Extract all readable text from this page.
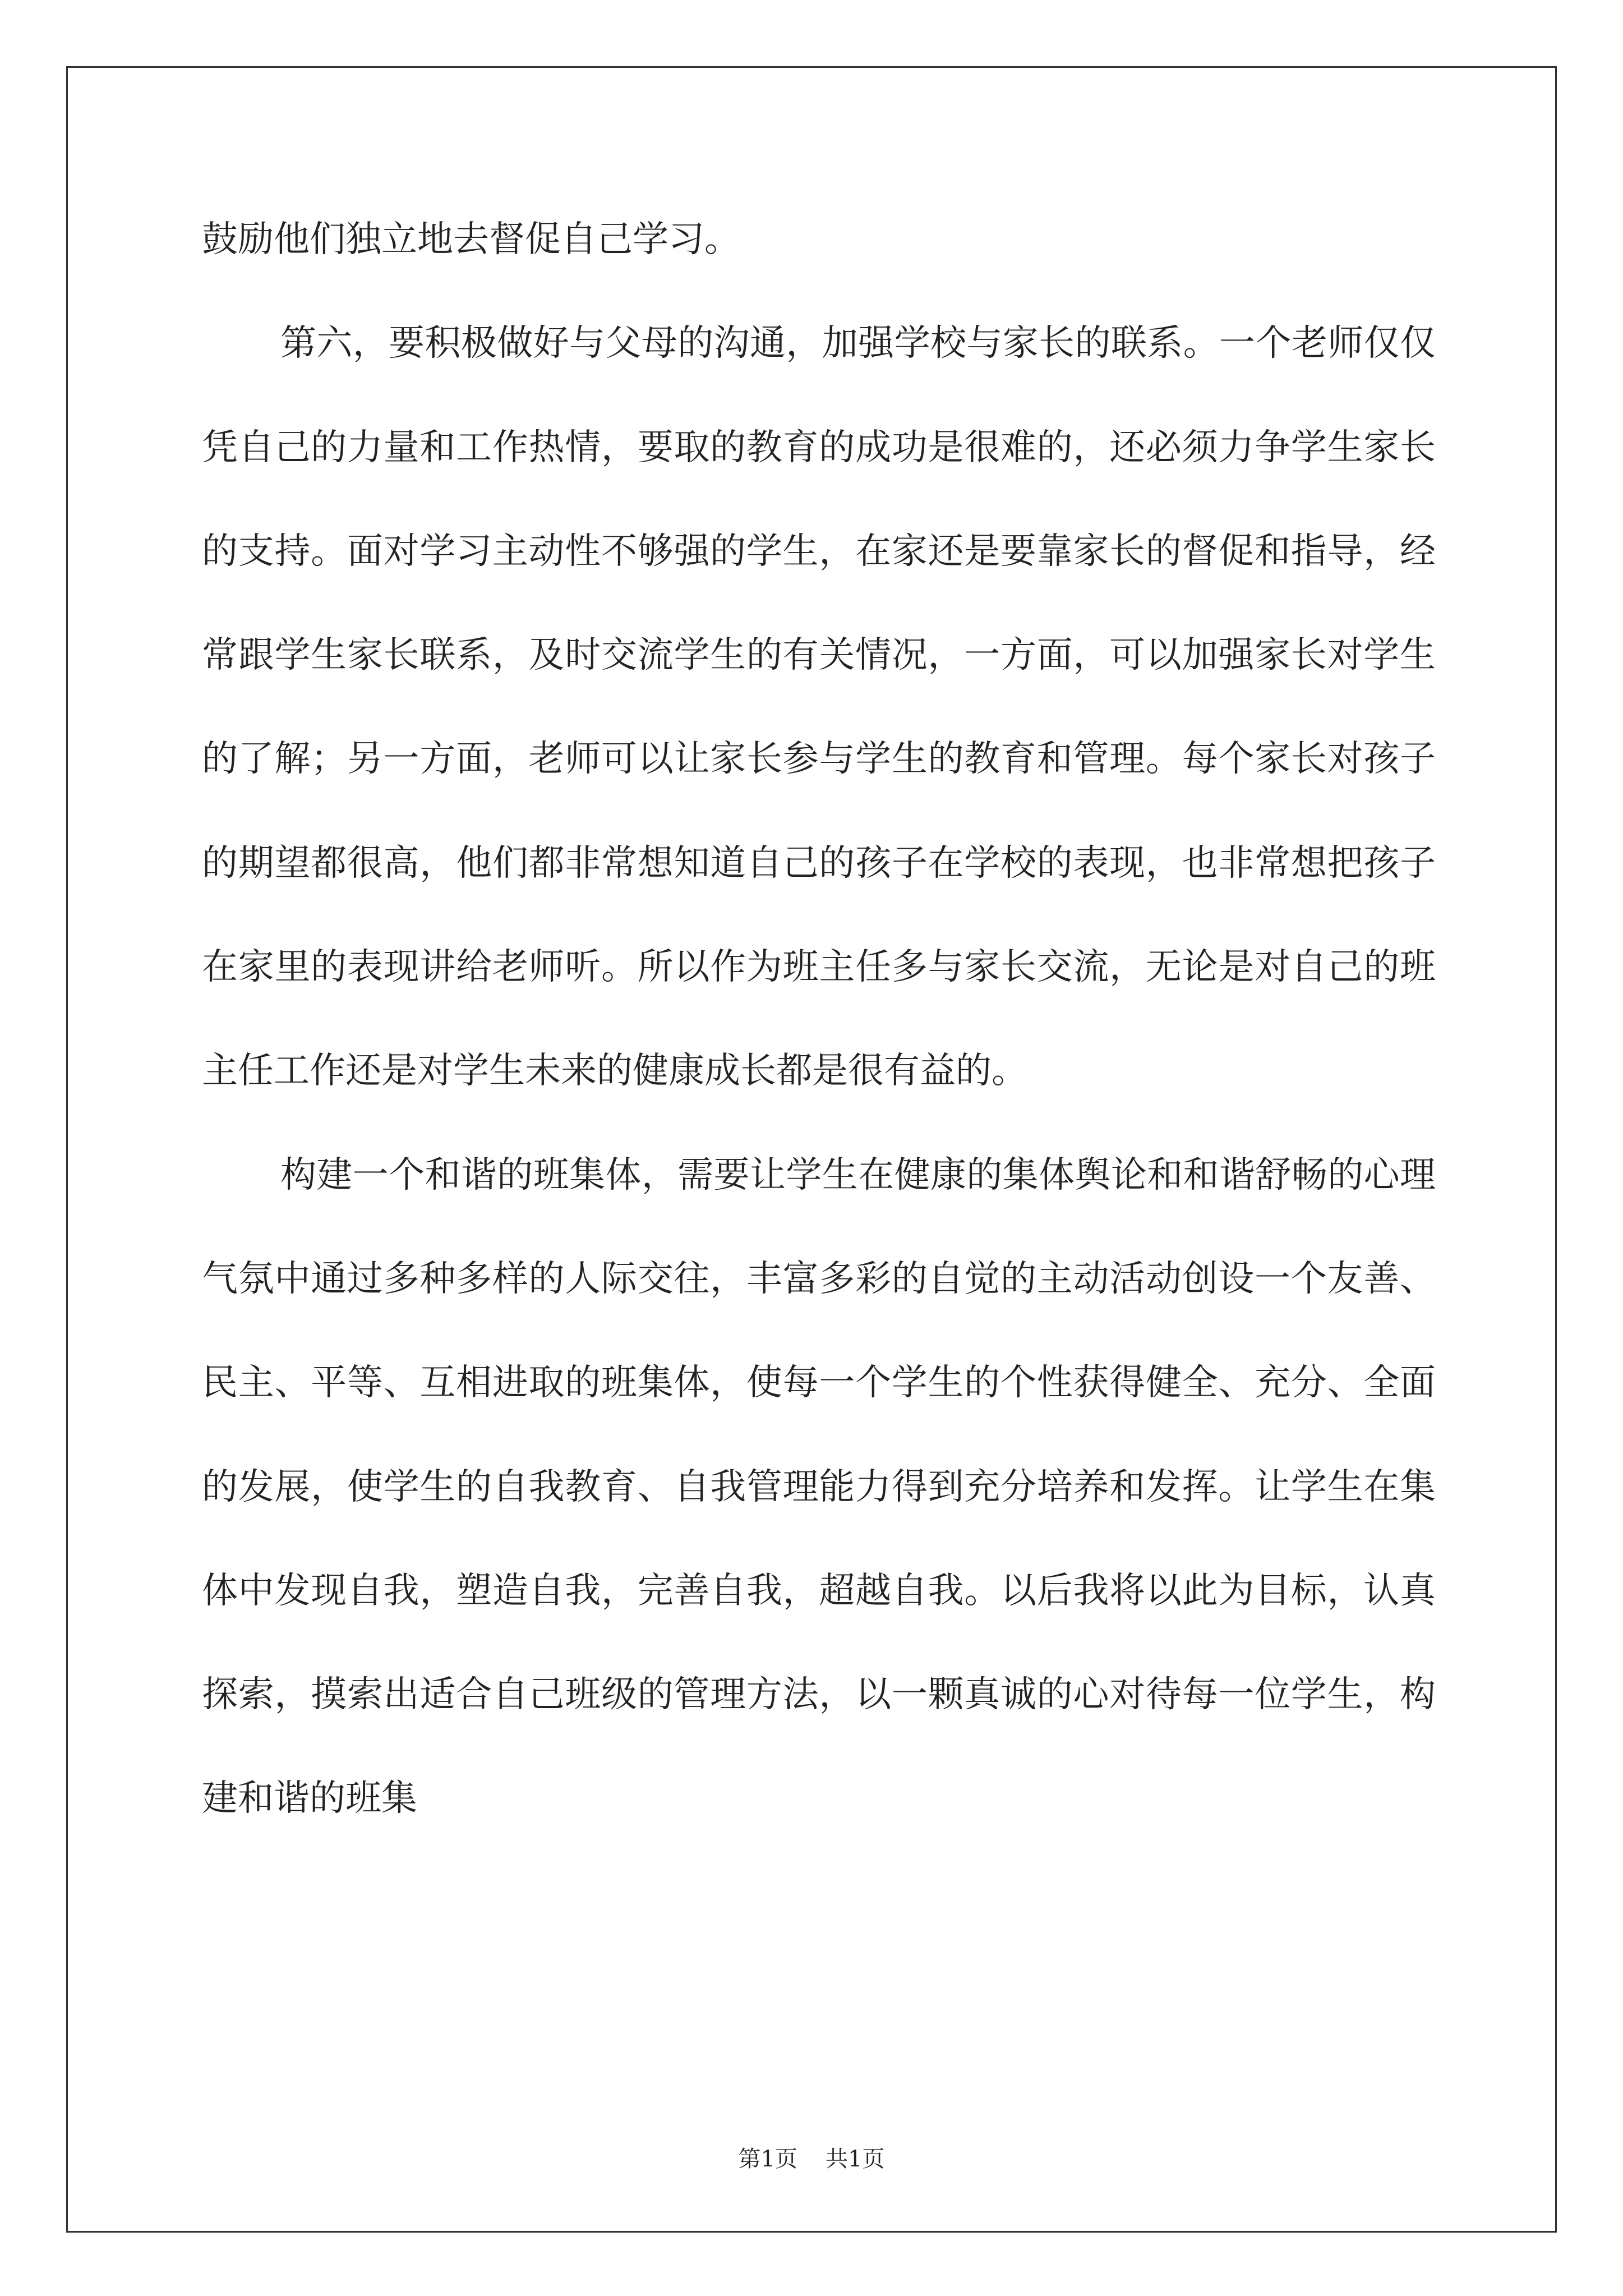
鼓励他们独立地去督促自己学习。

第六，要积极做好与父母的沟通，加强学校与家长的联系。一个老师仅仅凭自己的力量和工作热情，要取的教育的成功是很难的，还必须力争学生家长的支持。面对学习主动性不够强的学生，在家还是要靠家长的督促和指导，经常跟学生家长联系，及时交流学生的有关情况，一方面，可以加强家长对学生的了解；另一方面，老师可以让家长参与学生的教育和管理。每个家长对孩子的期望都很高，他们都非常想知道自己的孩子在学校的表现，也非常想把孩子在家里的表现讲给老师听。所以作为班主任多与家长交流，无论是对自己的班主任工作还是对学生未来的健康成长都是很有益的。

构建一个和谐的班集体，需要让学生在健康的集体舆论和和谐舒畅的心理气氛中通过多种多样的人际交往，丰富多彩的自觉的主动活动创设一个友善、民主、平等、互相进取的班集体，使每一个学生的个性获得健全、充分、全面的发展，使学生的自我教育、自我管理能力得到充分培养和发挥。让学生在集体中发现自我，塑造自我，完善自我，超越自我。以后我将以此为目标，认真探索，摸索出适合自己班级的管理方法，以一颗真诚的心对待每一位学生，构建和谐的班集

第1页 共1页
